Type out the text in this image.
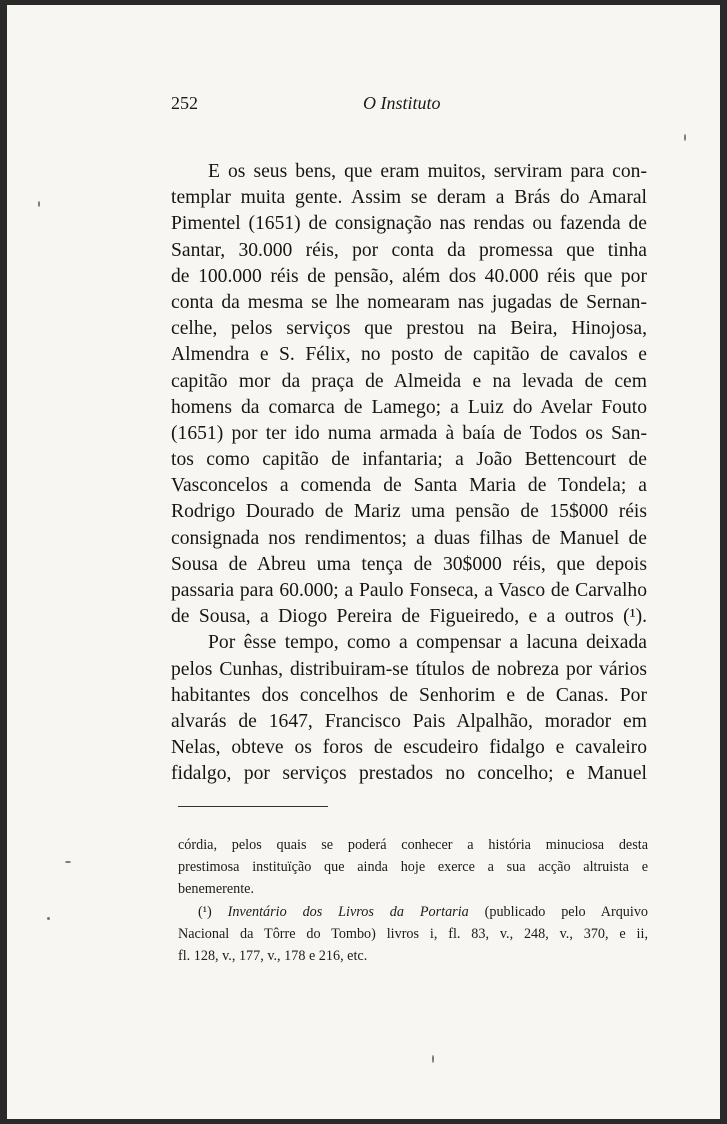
252	O Instituto
E os seus bens, que eram muitos, serviram para con-
templar muita gente. Assim se deram a Brás do Amaral
Pimentel (1651) de consignação nas rendas ou fazenda de
Santar, 30.000 réis, por conta da promessa que tinha
de 100.000 réis de pensão, além dos 40.000 réis que por
conta da mesma se lhe nomearam nas jugadas de Sernan-
celhe, pelos serviços que prestou na Beira, Hinojosa,
Almendra e S. Félix, no posto de capitão de cavalos e
capitão mor da praça de Almeida e na levada de cem
homens da comarca de Lamego; a Luiz do Avelar Fouto
(1651) por ter ido numa armada à baía de Todos os San-
tos como capitão de infantaria; a João Bettencourt de
Vasconcelos a comenda de Santa Maria de Tondela; a
Rodrigo Dourado de Mariz uma pensão de 15$000 réis
consignada nos rendimentos; a duas filhas de Manuel de
Sousa de Abreu uma tença de 30$000 réis, que depois
passaria para 60.000; a Paulo Fonseca, a Vasco de Carvalho
de Sousa, a Diogo Pereira de Figueiredo, e a outros (¹).
Por êsse tempo, como a compensar a lacuna deixada
pelos Cunhas, distribuiram-se títulos de nobreza por vários
habitantes dos concelhos de Senhorim e de Canas. Por
alvarás de 1647, Francisco Pais Alpalhão, morador em
Nelas, obteve os foros de escudeiro fidalgo e cavaleiro
fidalgo, por serviços prestados no concelho; e Manuel
córdia, pelos quais se poderá conhecer a história minuciosa desta
prestimosa instituïção que ainda hoje exerce a sua acção altruista e
benemerente.
(¹) Inventário dos Livros da Portaria (publicado pelo Arquivo
Nacional da Tôrre do Tombo) livros i, fl. 83, v., 248, v., 370, e ii,
fl. 128, v., 177, v., 178 e 216, etc.
